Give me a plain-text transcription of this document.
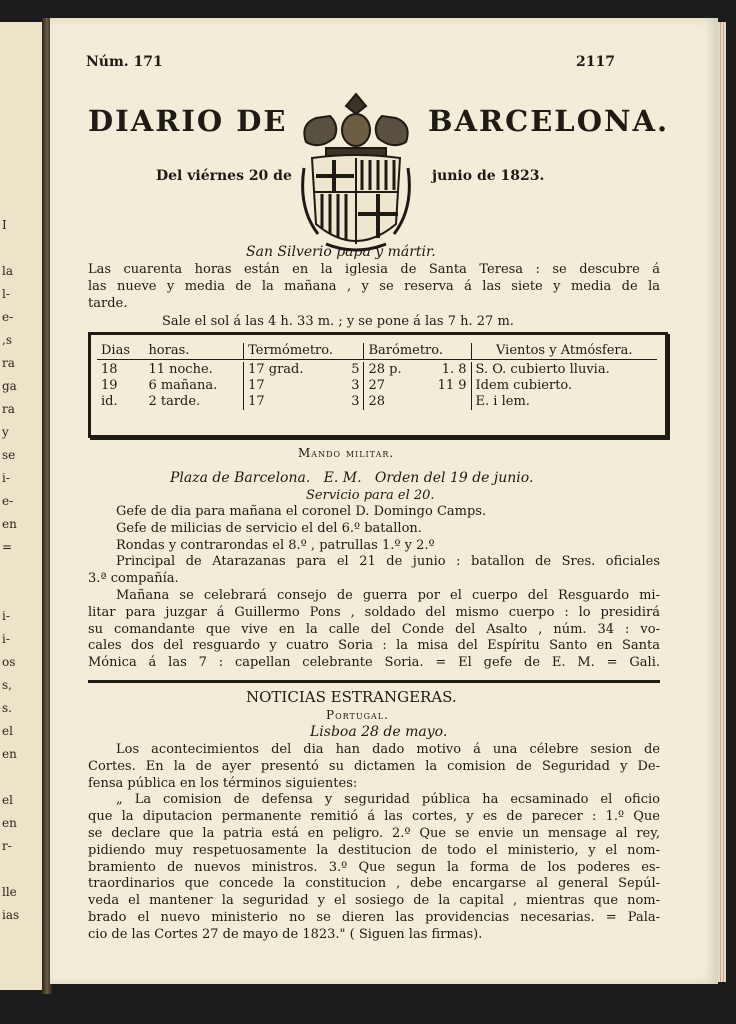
I
la
l-
e-
,s
ra
ga
ra
y
se
i-
e-
en
=
i-
i-
os
s,
s.
el
en
el
en
r-
lle
ias
Núm. 171	2117
DIARIO DE	BARCELONA.
Del viérnes 20 de	junio de 1823.
San Silverio papa y mártir.
Las cuarenta horas están en la iglesia de Santa Teresa : se descubre á
las nueve y media de la mañana , y se reserva á las siete y media de la
tarde.
Sale el sol á las 4 h. 33 m. ; y se pone á las 7 h. 27 m.
Dias	horas.	Termómetro.		Barómetro.		Vientos y Atmósfera.

18	11 noche.	17 grad.	5	28 p.	1. 8	S. O. cubierto lluvia.
19	6 mañana.	17	3	27	11 9	Idem cubierto.
id.	2 tarde.	17	3	28		E. i lem.
Mando militar.
Plaza de Barcelona.   E. M.   Orden del 19 de junio.
Servicio para el 20.
Gefe de dia para mañana el coronel D. Domingo Camps.
Gefe de milicias de servicio el del 6.º batallon.
Rondas y contrarondas el 8.º , patrullas 1.º y 2.º
Principal de Atarazanas para el 21 de junio : batallon de Sres. oficiales
3.ª compañía.
Mañana se celebrará consejo de guerra por el cuerpo del Resguardo mi-
litar para juzgar á Guillermo Pons , soldado del mismo cuerpo : lo presidirá
su comandante que vive en la calle del Conde del Asalto , núm. 34 : vo-
cales dos del resguardo y cuatro Soria : la misa del Espíritu Santo en Santa
Mónica á las 7 : capellan celebrante Soria. = El gefe de E. M. = Gali.
NOTICIAS ESTRANGERAS.
Portugal.
Lisboa 28 de mayo.
Los acontecimientos del dia han dado motivo á una célebre sesion de
Cortes. En la de ayer presentó su dictamen la comision de Seguridad y De-
fensa pública en los términos siguientes:
„ La comision de defensa y seguridad pública ha ecsaminado el oficio
que la diputacion permanente remitió á las cortes, y es de parecer : 1.º Que
se declare que la patria está en peligro. 2.º Que se envie un mensage al rey,
pidiendo muy respetuosamente la destitucion de todo el ministerio, y el nom-
bramiento de nuevos ministros. 3.º Que segun la forma de los poderes es-
traordinarios que concede la constitucion , debe encargarse al general Sepúl-
veda el mantener la seguridad y el sosiego de la capital , mientras que nom-
brado el nuevo ministerio no se dieren las providencias necesarias. = Pala-
cio de las Cortes 27 de mayo de 1823." ( Siguen las firmas).
